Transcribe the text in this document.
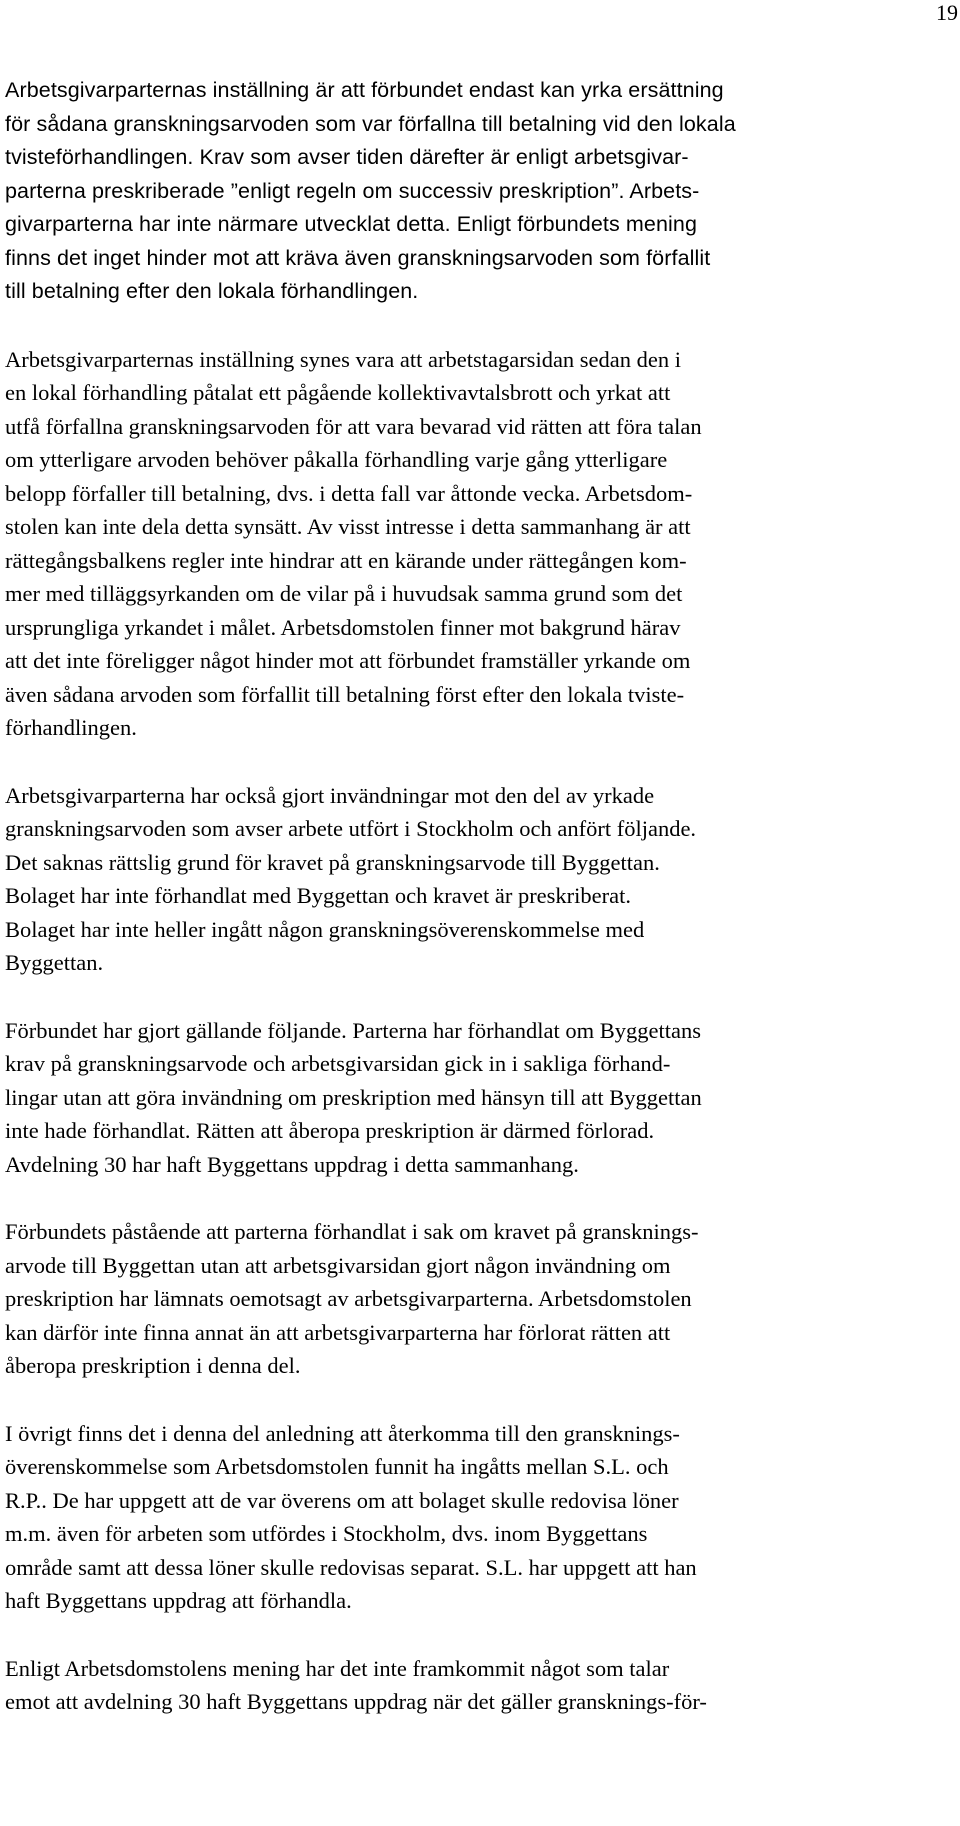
19

Arbetsgivarparternas inställning är att förbundet endast kan yrka ersättning
för sådana granskningsarvoden som var förfallna till betalning vid den lokala
tvisteförhandlingen. Krav som avser tiden därefter är enligt arbetsgivar-
parterna preskriberade ”enligt regeln om successiv preskription”. Arbets-
givarparterna har inte närmare utvecklat detta. Enligt förbundets mening
finns det inget hinder mot att kräva även granskningsarvoden som förfallit
till betalning efter den lokala förhandlingen.

Arbetsgivarparternas inställning synes vara att arbetstagarsidan sedan den i
en lokal förhandling påtalat ett pågående kollektivavtalsbrott och yrkat att
utfå förfallna granskningsarvoden för att vara bevarad vid rätten att föra talan
om ytterligare arvoden behöver påkalla förhandling varje gång ytterligare
belopp förfaller till betalning, dvs. i detta fall var åttonde vecka. Arbetsdom-
stolen kan inte dela detta synsätt. Av visst intresse i detta sammanhang är att
rättegångsbalkens regler inte hindrar att en kärande under rättegången kom-
mer med tilläggsyrkanden om de vilar på i huvudsak samma grund som det
ursprungliga yrkandet i målet. Arbetsdomstolen finner mot bakgrund härav
att det inte föreligger något hinder mot att förbundet framställer yrkande om
även sådana arvoden som förfallit till betalning först efter den lokala tviste-
förhandlingen.

Arbetsgivarparterna har också gjort invändningar mot den del av yrkade
granskningsarvoden som avser arbete utfört i Stockholm och anfört följande.
Det saknas rättslig grund för kravet på granskningsarvode till Byggettan.
Bolaget har inte förhandlat med Byggettan och kravet är preskriberat.
Bolaget har inte heller ingått någon granskningsöverenskommelse med
Byggettan.

Förbundet har gjort gällande följande. Parterna har förhandlat om Byggettans
krav på granskningsarvode och arbetsgivarsidan gick in i sakliga förhand-
lingar utan att göra invändning om preskription med hänsyn till att Byggettan
inte hade förhandlat. Rätten att åberopa preskription är därmed förlorad.
Avdelning 30 har haft Byggettans uppdrag i detta sammanhang.

Förbundets påstående att parterna förhandlat i sak om kravet på gransknings-
arvode till Byggettan utan att arbetsgivarsidan gjort någon invändning om
preskription har lämnats oemotsagt av arbetsgivarparterna. Arbetsdomstolen
kan därför inte finna annat än att arbetsgivarparterna har förlorat rätten att
åberopa preskription i denna del.

I övrigt finns det i denna del anledning att återkomma till den gransknings-
överenskommelse som Arbetsdomstolen funnit ha ingåtts mellan S.L. och
R.P.. De har uppgett att de var överens om att bolaget skulle redovisa löner
m.m. även för arbeten som utfördes i Stockholm, dvs. inom Byggettans
område samt att dessa löner skulle redovisas separat. S.L. har uppgett att han
haft Byggettans uppdrag att förhandla.

Enligt Arbetsdomstolens mening har det inte framkommit något som talar
emot att avdelning 30 haft Byggettans uppdrag när det gäller gransknings-för-
